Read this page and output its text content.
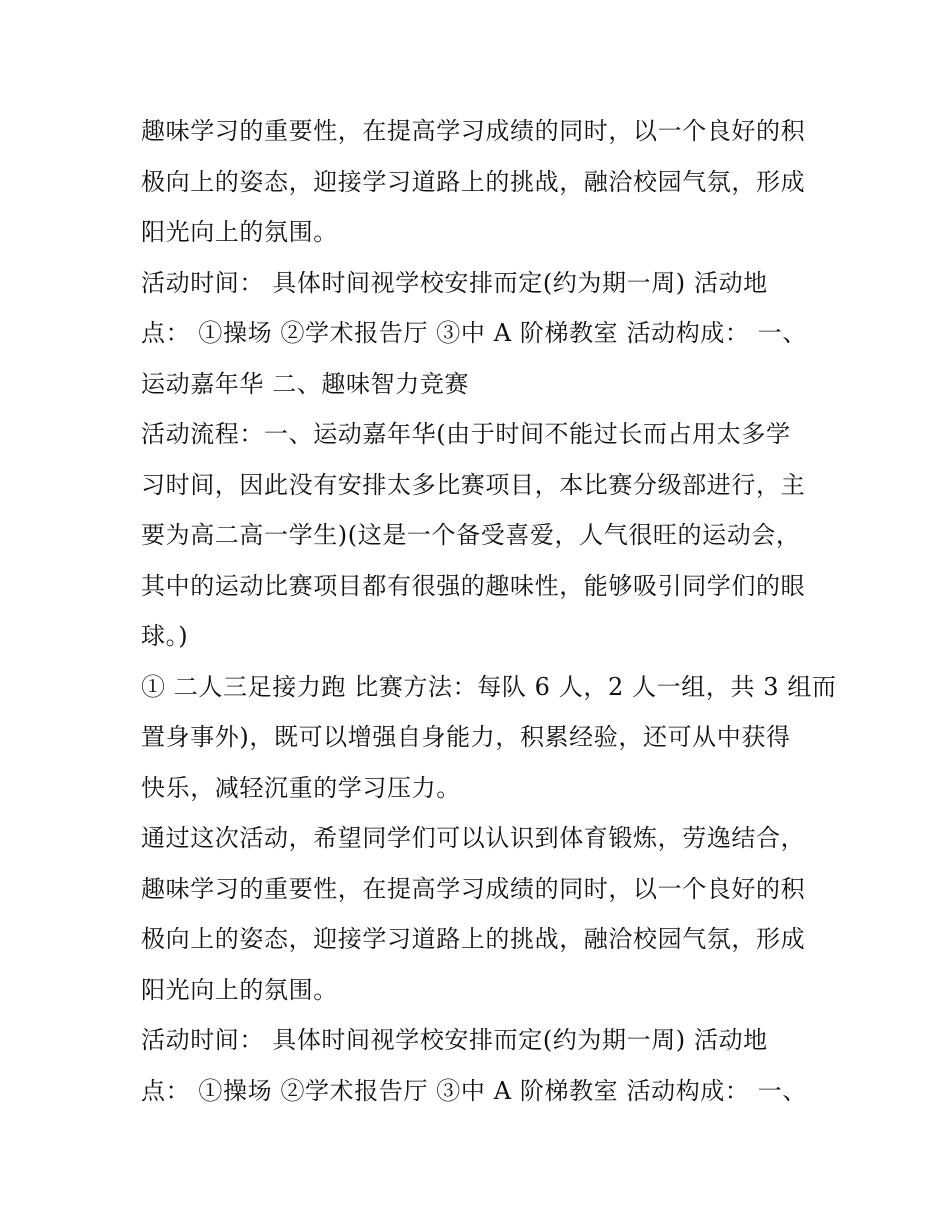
趣味学习的重要性，在提高学习成绩的同时，以一个良好的积
极向上的姿态，迎接学习道路上的挑战，融洽校园气氛，形成
阳光向上的氛围。
活动时间： 具体时间视学校安排而定(约为期一周) 活动地
点： ①操场 ②学术报告厅 ③中 A 阶梯教室 活动构成： 一、
运动嘉年华 二、趣味智力竞赛
活动流程：一、运动嘉年华(由于时间不能过长而占用太多学
习时间，因此没有安排太多比赛项目，本比赛分级部进行，主
要为高二高一学生)(这是一个备受喜爱，人气很旺的运动会，
其中的运动比赛项目都有很强的趣味性，能够吸引同学们的眼
球。)
① 二人三足接力跑 比赛方法：每队 6 人，2 人一组，共 3 组而
置身事外)，既可以增强自身能力，积累经验，还可从中获得
快乐，减轻沉重的学习压力。
通过这次活动，希望同学们可以认识到体育锻炼，劳逸结合，
趣味学习的重要性，在提高学习成绩的同时，以一个良好的积
极向上的姿态，迎接学习道路上的挑战，融洽校园气氛，形成
阳光向上的氛围。
活动时间： 具体时间视学校安排而定(约为期一周) 活动地
点： ①操场 ②学术报告厅 ③中 A 阶梯教室 活动构成： 一、
